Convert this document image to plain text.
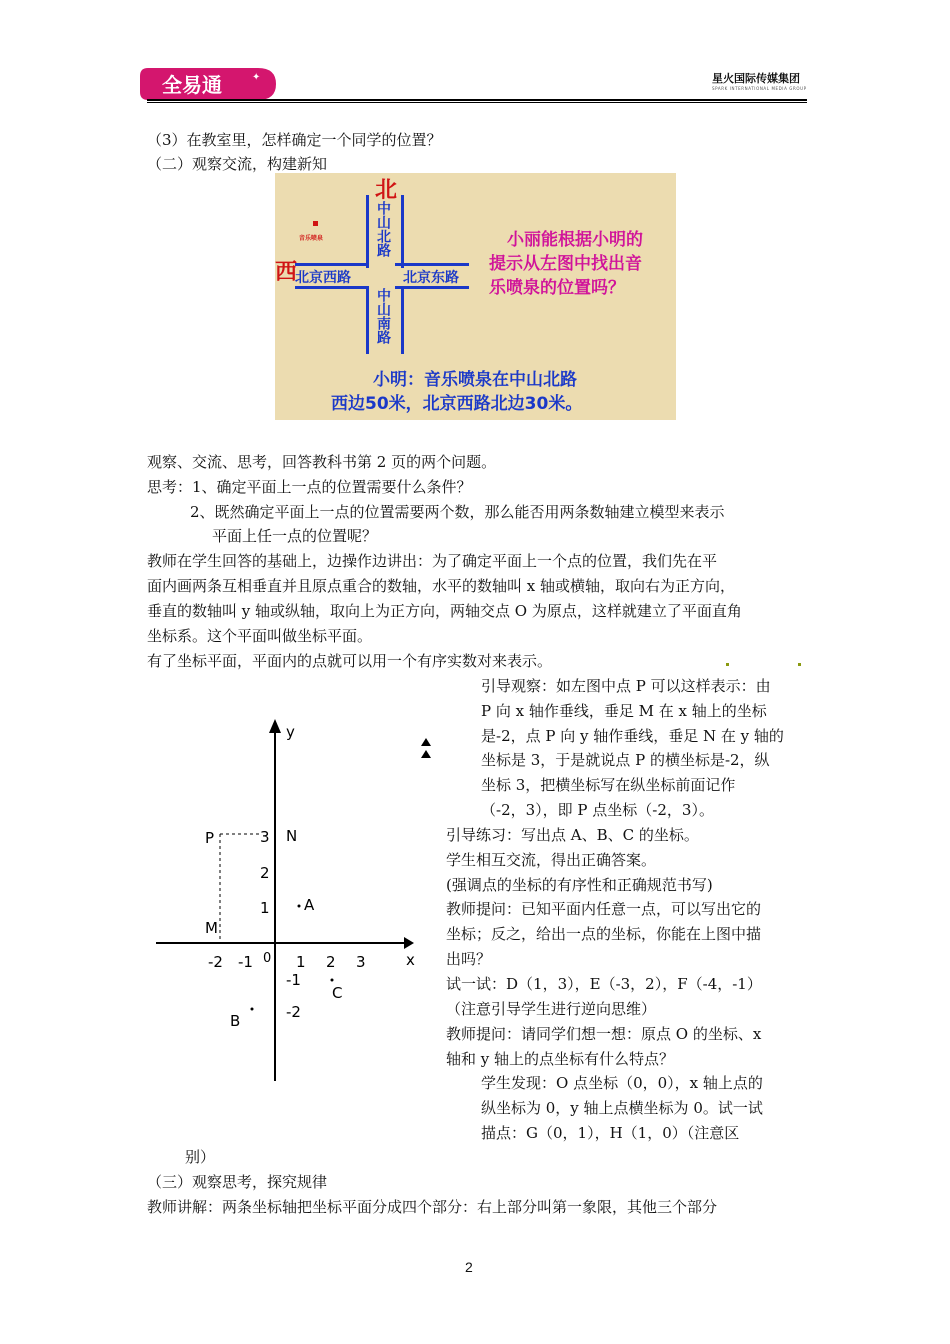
全易通	✦	星火国际传媒集团
SPARK INTERNATIONAL MEDIA GROUP
（3）在教室里，怎样确定一个同学的位置？
（二）观察交流，构建新知
北
西
中山北路
中山南路
北京西路	北京东路
音乐喷泉	小丽能根据小明的
提示从左图中找出音
乐喷泉的位置吗？
小明：音乐喷泉在中山北路
西边50米，北京西路北边30米。
观察、交流、思考，回答教科书第 2 页的两个问题。
思考：1、确定平面上一点的位置需要什么条件？
2、既然确定平面上一点的位置需要两个数，那么能否用两条数轴建立模型来表示
平面上任一点的位置呢？
教师在学生回答的基础上，边操作边讲出：为了确定平面上一个点的位置，我们先在平
面内画两条互相垂直并且原点重合的数轴，水平的数轴叫 x 轴或横轴，取向右为正方向，
垂直的数轴叫 y 轴或纵轴，取向上为正方向，两轴交点 O 为原点，这样就建立了平面直角
坐标系。这个平面叫做坐标平面。
有了坐标平面，平面内的点就可以用一个有序实数对来表示。
引导观察：如左图中点 P 可以这样表示：由
P 向 x 轴作垂线，垂足 M 在 x 轴上的坐标
是-2，点 P 向 y 轴作垂线，垂足 N 在 y 轴的
坐标是 3，于是就说点 P 的横坐标是-2，纵
坐标 3，把横坐标写在纵坐标前面记作
（-2，3），即 P 点坐标（-2，3）。
引导练习：写出点 A、B、C 的坐标。
学生相互交流，得出正确答案。
(强调点的坐标的有序性和正确规范书写)
教师提问：已知平面内任意一点，可以写出它的
坐标；反之，给出一点的坐标，你能在上图中描
出吗？
试一试：D（1，3），E（-3，2），F（-4，-1）
（注意引导学生进行逆向思维）
教师提问：请同学们想一想：原点 O 的坐标、x
轴和 y 轴上的点坐标有什么特点？
学生发现：O 点坐标（0，0），x 轴上点的
纵坐标为 0，y 轴上点横坐标为 0。试一试
描点：G（0，1），H（1，0）（注意区
别）
x
y
0
-2 -1	1 2 3
-2
-1
1
2
3
P	N
M
A
B
C
（三）观察思考，探究规律
教师讲解：两条坐标轴把坐标平面分成四个部分：右上部分叫第一象限，其他三个部分
2
